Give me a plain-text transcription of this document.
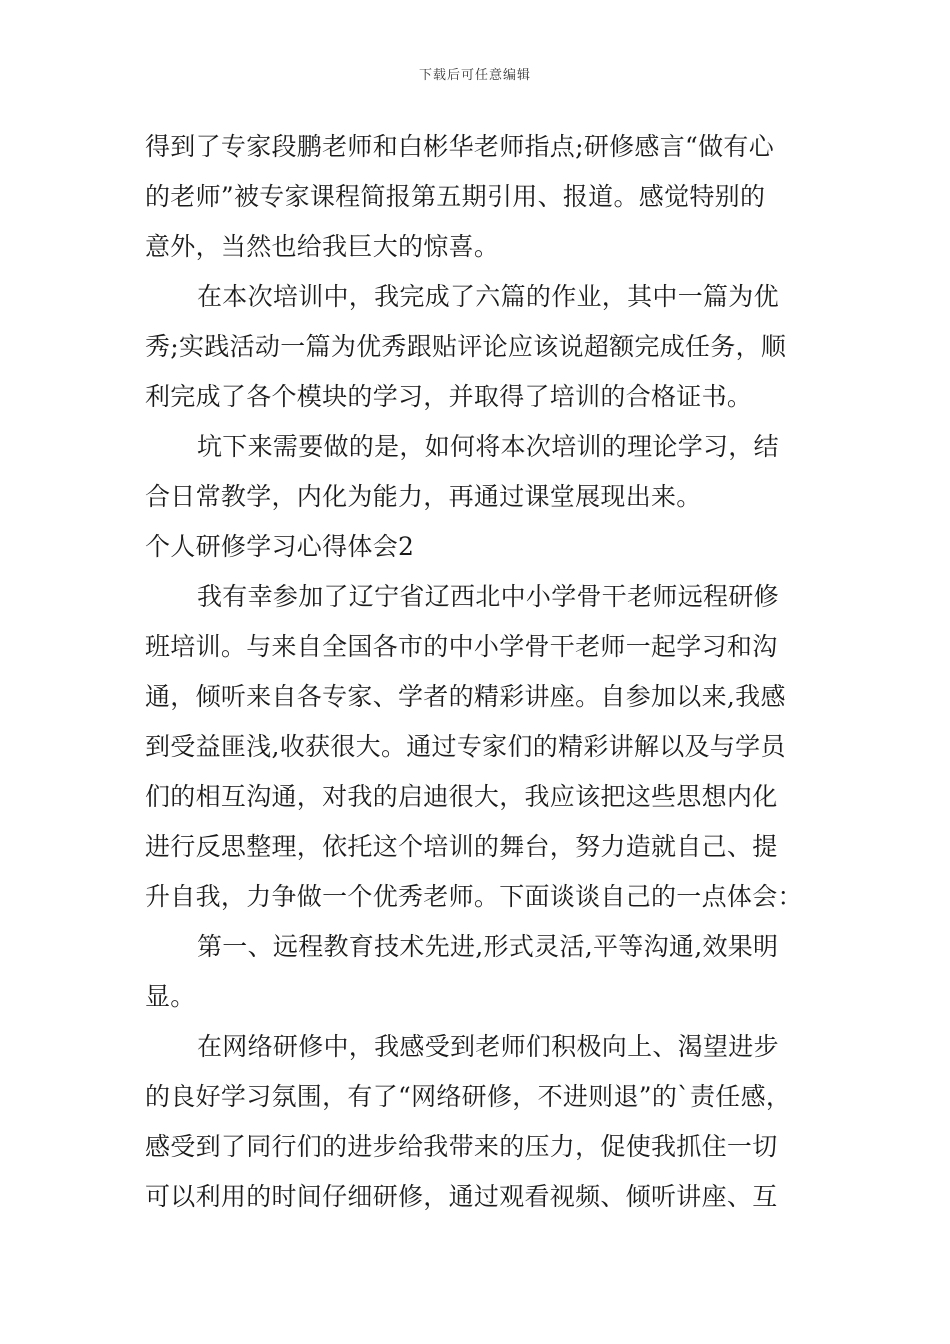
下载后可任意编辑
得到了专家段鹏老师和白彬华老师指点;研修感言“做有心
的老师”被专家课程简报第五期引用、报道。感觉特别的
意外，当然也给我巨大的惊喜。
在本次培训中，我完成了六篇的作业，其中一篇为优
秀;实践活动一篇为优秀跟贴评论应该说超额完成任务，顺
利完成了各个模块的学习，并取得了培训的合格证书。
坑下来需要做的是，如何将本次培训的理论学习，结
合日常教学，内化为能力，再通过课堂展现出来。
个人研修学习心得体会2
我有幸参加了辽宁省辽西北中小学骨干老师远程研修
班培训。与来自全国各市的中小学骨干老师一起学习和沟
通，倾听来自各专家、学者的精彩讲座。自参加以来,我感
到受益匪浅,收获很大。通过专家们的精彩讲解以及与学员
们的相互沟通，对我的启迪很大，我应该把这些思想内化
进行反思整理，依托这个培训的舞台，努力造就自己、提
升自我，力争做一个优秀老师。下面谈谈自己的一点体会：
第一、远程教育技术先进,形式灵活,平等沟通,效果明
显。
在网络研修中，我感受到老师们积极向上、渴望进步
的良好学习氛围，有了“网络研修，不进则退”的`责任感，
感受到了同行们的进步给我带来的压力，促使我抓住一切
可以利用的时间仔细研修，通过观看视频、倾听讲座、互
